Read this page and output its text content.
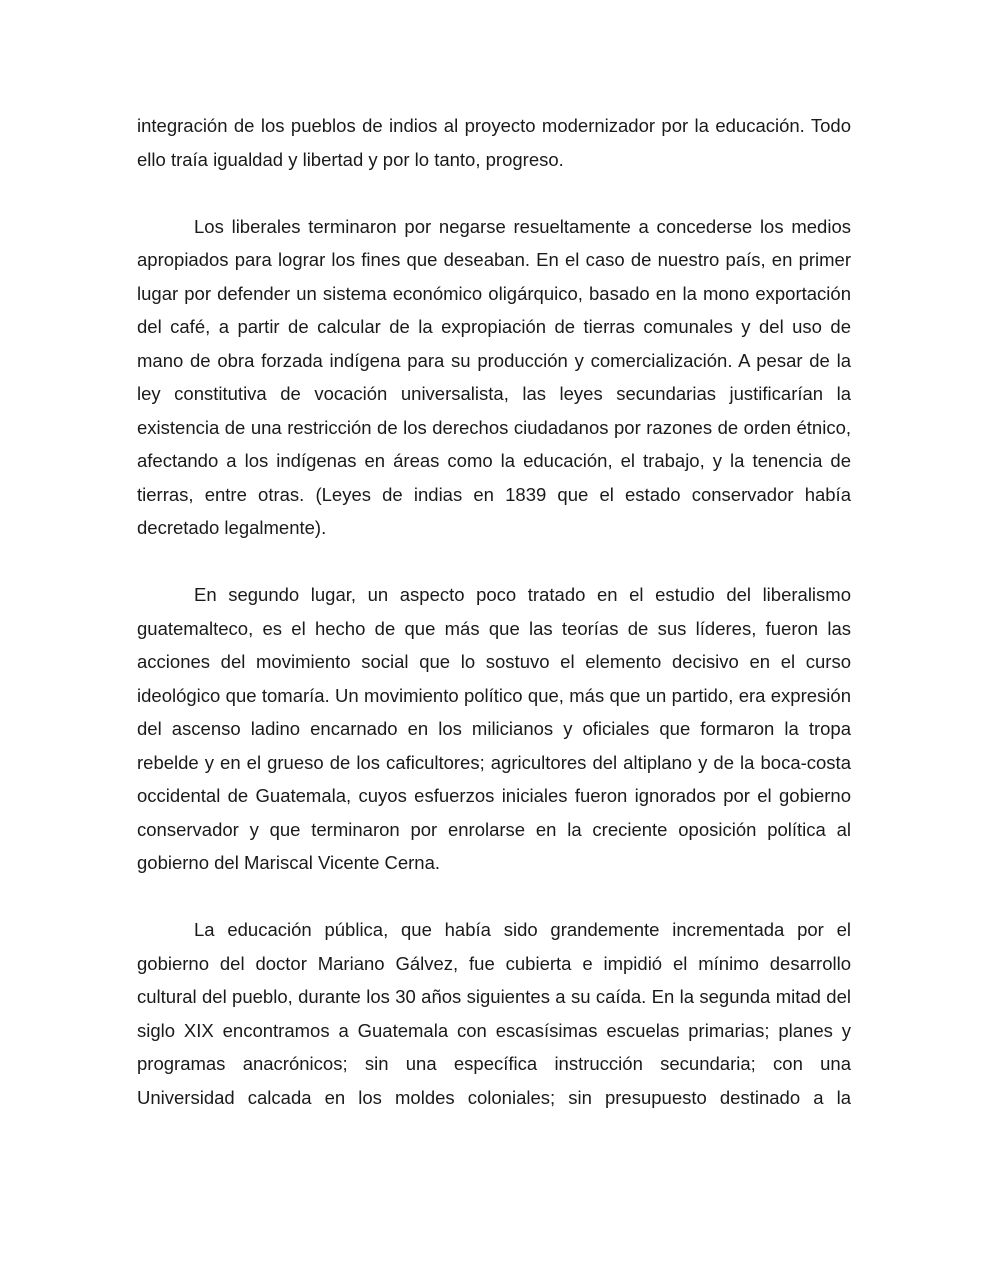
integración de los pueblos de indios al proyecto modernizador por la educación. Todo ello traía igualdad y libertad y por lo tanto, progreso.

Los liberales terminaron por negarse resueltamente a concederse los medios apropiados para lograr los fines que deseaban. En el caso de nuestro país, en primer lugar por defender un sistema económico oligárquico, basado en la mono exportación del café, a partir de calcular de la expropiación de tierras comunales y del uso de mano de obra forzada indígena para su producción y comercialización. A pesar de la ley constitutiva de vocación universalista, las leyes secundarias justificarían la existencia de una restricción de los derechos ciudadanos por razones de orden étnico, afectando a los indígenas en áreas como la educación, el trabajo, y la tenencia de tierras, entre otras. (Leyes de indias en 1839 que el estado conservador había decretado legalmente).

En segundo lugar, un aspecto poco tratado en el estudio del liberalismo guatemalteco, es el hecho de que más que las teorías de sus líderes, fueron las acciones del movimiento social que lo sostuvo el elemento decisivo en el curso ideológico que tomaría. Un movimiento político que, más que un partido, era expresión del ascenso ladino encarnado en los milicianos y oficiales que formaron la tropa rebelde y en el grueso de los caficultores; agricultores del altiplano y de la boca-costa occidental de Guatemala, cuyos esfuerzos iniciales fueron ignorados por el gobierno conservador y que terminaron por enrolarse en la creciente oposición política al gobierno del Mariscal Vicente Cerna.

La educación pública, que había sido grandemente incrementada por el gobierno del doctor Mariano Gálvez, fue cubierta e impidió el mínimo desarrollo cultural del pueblo, durante los 30 años siguientes a su caída. En la segunda mitad del siglo XIX encontramos a Guatemala con escasísimas escuelas primarias; planes y programas anacrónicos; sin una específica instrucción secundaria; con una Universidad calcada en los moldes coloniales; sin presupuesto destinado a la
